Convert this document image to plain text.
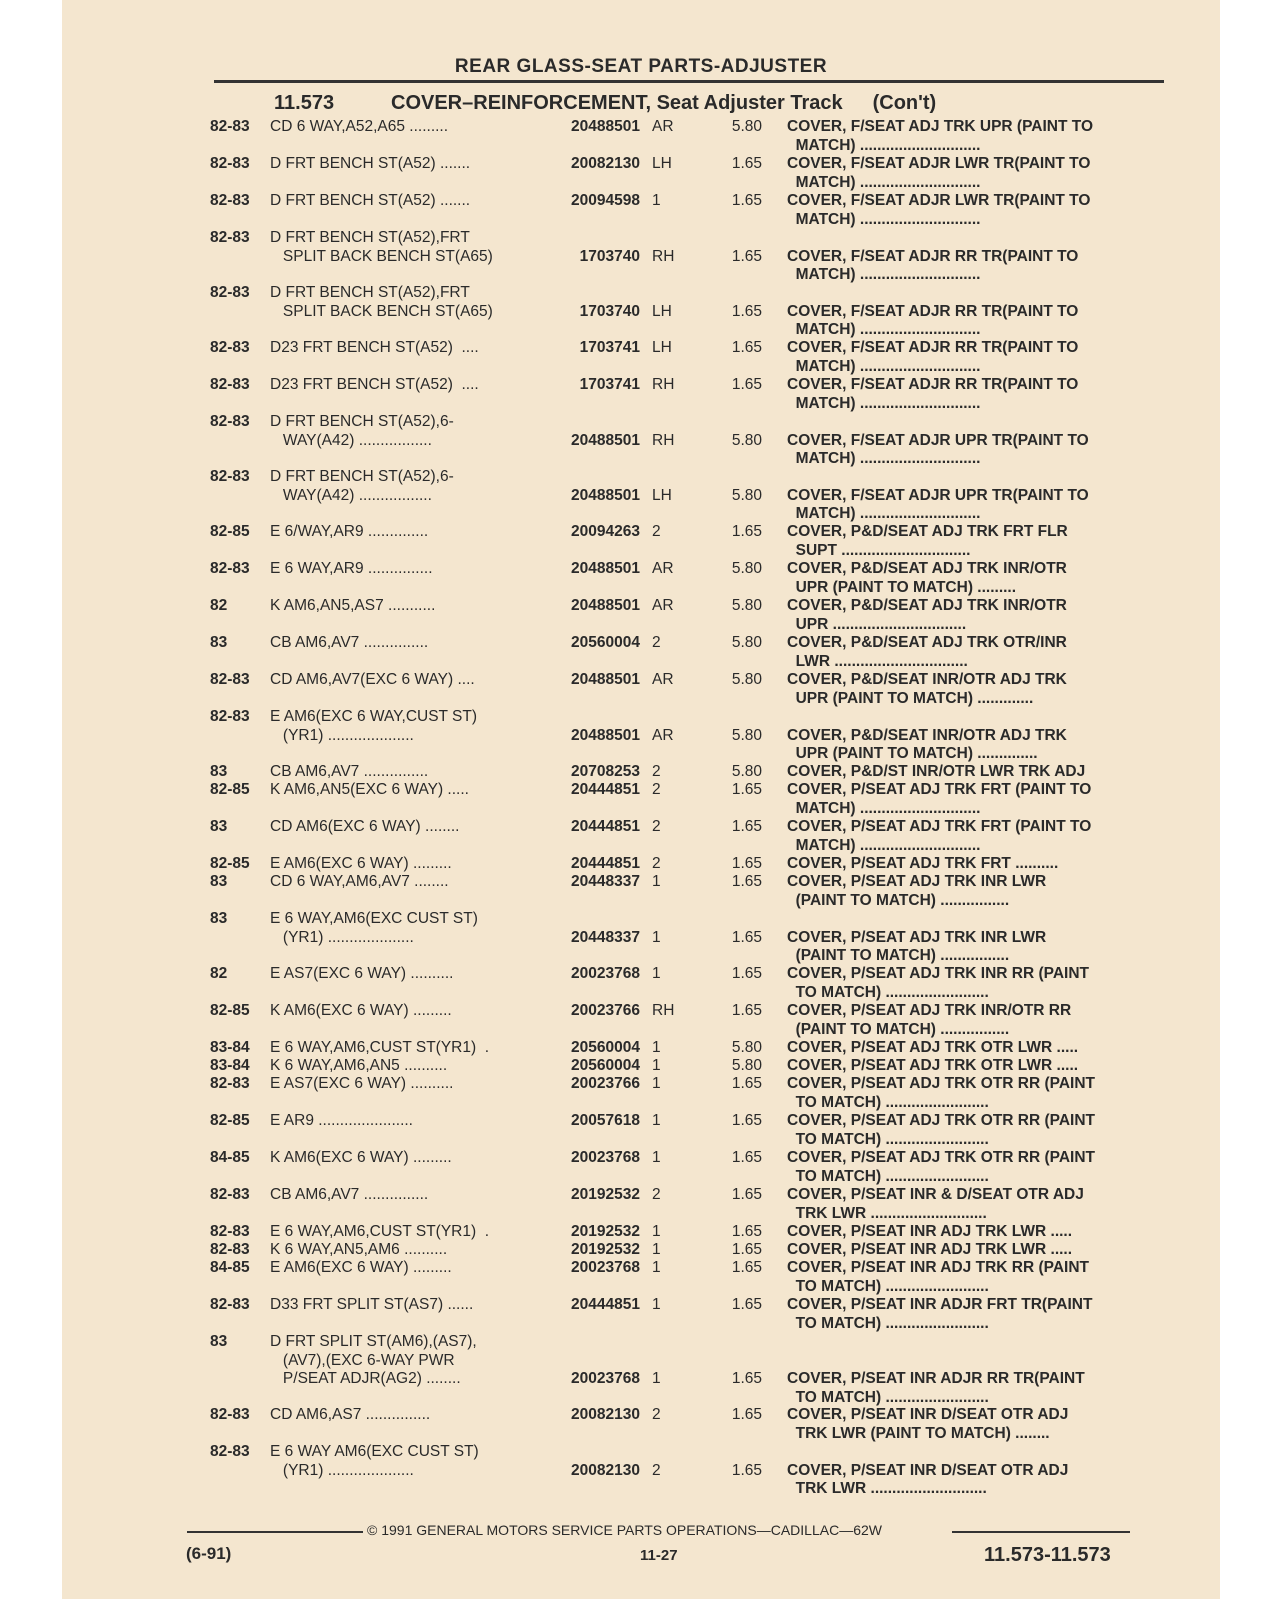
REAR GLASS-SEAT PARTS-ADJUSTER
11.573	COVER–REINFORCEMENT, Seat Adjuster Track (Con't)
82-83	CD 6 WAY,A52,A65 .........	20488501 AR	5.80 COVER, F/SEAT ADJ TRK UPR (PAINT TO
MATCH) ............................
82-83	D FRT BENCH ST(A52) .......	20082130 LH	1.65 COVER, F/SEAT ADJR LWR TR(PAINT TO
MATCH) ............................
82-83	D FRT BENCH ST(A52) .......	20094598 1	1.65 COVER, F/SEAT ADJR LWR TR(PAINT TO
MATCH) ............................
82-83	D FRT BENCH ST(A52),FRT
SPLIT BACK BENCH ST(A65)	1703740 RH	1.65 COVER, F/SEAT ADJR RR TR(PAINT TO
MATCH) ............................
82-83	D FRT BENCH ST(A52),FRT
SPLIT BACK BENCH ST(A65)	1703740 LH	1.65 COVER, F/SEAT ADJR RR TR(PAINT TO
MATCH) ............................
82-83	D23 FRT BENCH ST(A52)  ....	1703741 LH	1.65 COVER, F/SEAT ADJR RR TR(PAINT TO
MATCH) ............................
82-83	D23 FRT BENCH ST(A52)  ....	1703741 RH	1.65 COVER, F/SEAT ADJR RR TR(PAINT TO
MATCH) ............................
82-83	D FRT BENCH ST(A52),6-
WAY(A42) .................	20488501 RH	5.80 COVER, F/SEAT ADJR UPR TR(PAINT TO
MATCH) ............................
82-83	D FRT BENCH ST(A52),6-
WAY(A42) .................	20488501 LH	5.80 COVER, F/SEAT ADJR UPR TR(PAINT TO
MATCH) ............................
82-85	E 6/WAY,AR9 ..............	20094263 2	1.65 COVER, P&D/SEAT ADJ TRK FRT FLR
SUPT ..............................
82-83	E 6 WAY,AR9 ...............	20488501 AR	5.80 COVER, P&D/SEAT ADJ TRK INR/OTR
UPR (PAINT TO MATCH) .........
82	K AM6,AN5,AS7 ...........	20488501 AR	5.80 COVER, P&D/SEAT ADJ TRK INR/OTR
UPR ...............................
83	CB AM6,AV7 ...............	20560004 2	5.80 COVER, P&D/SEAT ADJ TRK OTR/INR
LWR ...............................
82-83	CD AM6,AV7(EXC 6 WAY) ....	20488501 AR	5.80 COVER, P&D/SEAT INR/OTR ADJ TRK
UPR (PAINT TO MATCH) .............
82-83	E AM6(EXC 6 WAY,CUST ST)
(YR1) ....................	20488501 AR	5.80 COVER, P&D/SEAT INR/OTR ADJ TRK
UPR (PAINT TO MATCH) ..............
83	CB AM6,AV7 ...............	20708253 2	5.80 COVER, P&D/ST INR/OTR LWR TRK ADJ
82-85	K AM6,AN5(EXC 6 WAY) .....	20444851 2	1.65 COVER, P/SEAT ADJ TRK FRT (PAINT TO
MATCH) ............................
83	CD AM6(EXC 6 WAY) ........	20444851 2	1.65 COVER, P/SEAT ADJ TRK FRT (PAINT TO
MATCH) ............................
82-85	E AM6(EXC 6 WAY) .........	20444851 2	1.65 COVER, P/SEAT ADJ TRK FRT ..........
83	CD 6 WAY,AM6,AV7 ........	20448337 1	1.65 COVER, P/SEAT ADJ TRK INR LWR
(PAINT TO MATCH) ................
83	E 6 WAY,AM6(EXC CUST ST)
(YR1) ....................	20448337 1	1.65 COVER, P/SEAT ADJ TRK INR LWR
(PAINT TO MATCH) ................
82	E AS7(EXC 6 WAY) ..........	20023768 1	1.65 COVER, P/SEAT ADJ TRK INR RR (PAINT
TO MATCH) ........................
82-85	K AM6(EXC 6 WAY) .........	20023766 RH	1.65 COVER, P/SEAT ADJ TRK INR/OTR RR
(PAINT TO MATCH) ................
83-84	E 6 WAY,AM6,CUST ST(YR1)  .	20560004 1	5.80 COVER, P/SEAT ADJ TRK OTR LWR .....
83-84	K 6 WAY,AM6,AN5 ..........	20560004 1	5.80 COVER, P/SEAT ADJ TRK OTR LWR .....
82-83	E AS7(EXC 6 WAY) ..........	20023766 1	1.65 COVER, P/SEAT ADJ TRK OTR RR (PAINT
TO MATCH) ........................
82-85	E AR9 ......................	20057618 1	1.65 COVER, P/SEAT ADJ TRK OTR RR (PAINT
TO MATCH) ........................
84-85	K AM6(EXC 6 WAY) .........	20023768 1	1.65 COVER, P/SEAT ADJ TRK OTR RR (PAINT
TO MATCH) ........................
82-83	CB AM6,AV7 ...............	20192532 2	1.65 COVER, P/SEAT INR & D/SEAT OTR ADJ
TRK LWR ...........................
82-83	E 6 WAY,AM6,CUST ST(YR1)  .	20192532 1	1.65 COVER, P/SEAT INR ADJ TRK LWR .....
82-83	K 6 WAY,AN5,AM6 ..........	20192532 1	1.65 COVER, P/SEAT INR ADJ TRK LWR .....
84-85	E AM6(EXC 6 WAY) .........	20023768 1	1.65 COVER, P/SEAT INR ADJ TRK RR (PAINT
TO MATCH) ........................
82-83	D33 FRT SPLIT ST(AS7) ......	20444851 1	1.65 COVER, P/SEAT INR ADJR FRT TR(PAINT
TO MATCH) ........................
83	D FRT SPLIT ST(AM6),(AS7),
(AV7),(EXC 6-WAY PWR
P/SEAT ADJR(AG2) ........	20023768 1	1.65 COVER, P/SEAT INR ADJR RR TR(PAINT
TO MATCH) ........................
82-83	CD AM6,AS7 ...............	20082130 2	1.65 COVER, P/SEAT INR D/SEAT OTR ADJ
TRK LWR (PAINT TO MATCH) ........
82-83	E 6 WAY AM6(EXC CUST ST)
(YR1) ....................	20082130 2	1.65 COVER, P/SEAT INR D/SEAT OTR ADJ
TRK LWR ...........................
© 1991 GENERAL MOTORS SERVICE PARTS OPERATIONS—CADILLAC—62W
(6-91)	11-27	11.573-11.573
